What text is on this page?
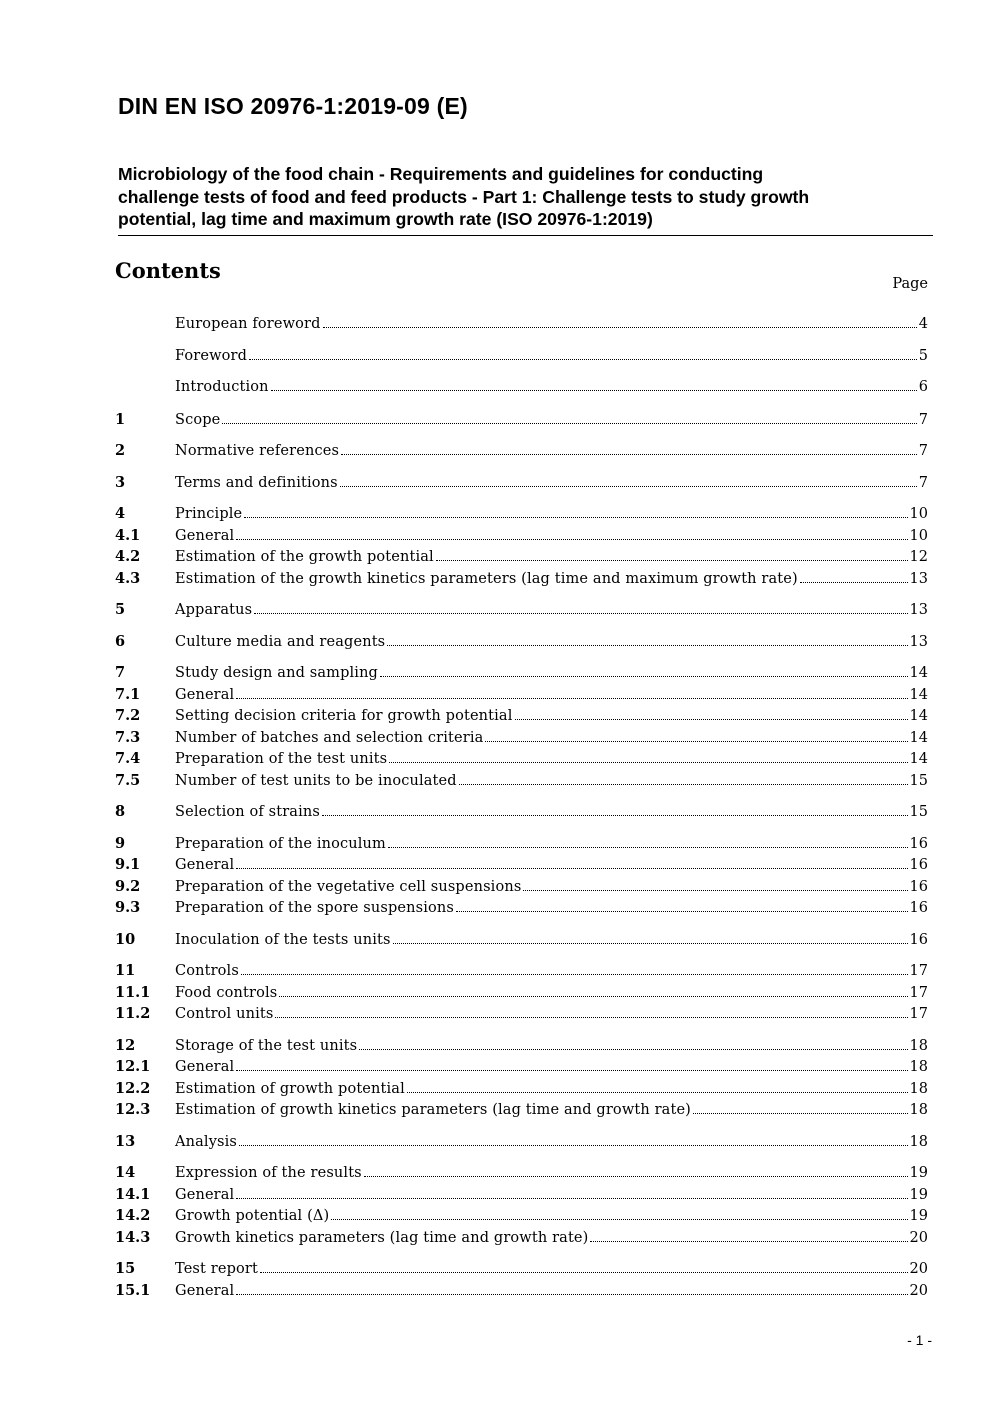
DIN EN ISO 20976-1:2019-09 (E)
Microbiology of the food chain - Requirements and guidelines for conducting
challenge tests of food and feed products - Part 1: Challenge tests to study growth
potential, lag time and maximum growth rate (ISO 20976-1:2019)
Contents
Page
European foreword	4
Foreword	5
Introduction	6
1	Scope	7
2	Normative references	7
3	Terms and definitions	7
4	Principle	10
4.1	General	10
4.2	Estimation of the growth potential	12
4.3	Estimation of the growth kinetics parameters (lag time and maximum growth rate)	13
5	Apparatus	13
6	Culture media and reagents	13
7	Study design and sampling	14
7.1	General	14
7.2	Setting decision criteria for growth potential	14
7.3	Number of batches and selection criteria	14
7.4	Preparation of the test units	14
7.5	Number of test units to be inoculated	15
8	Selection of strains	15
9	Preparation of the inoculum	16
9.1	General	16
9.2	Preparation of the vegetative cell suspensions	16
9.3	Preparation of the spore suspensions	16
10	Inoculation of the tests units	16
11	Controls	17
11.1	Food controls	17
11.2	Control units	17
12	Storage of the test units	18
12.1	General	18
12.2	Estimation of growth potential	18
12.3	Estimation of growth kinetics parameters (lag time and growth rate)	18
13	Analysis	18
14	Expression of the results	19
14.1	General	19
14.2	Growth potential (Δ)	19
14.3	Growth kinetics parameters (lag time and growth rate)	20
15	Test report	20
15.1	General	20
- 1 -
